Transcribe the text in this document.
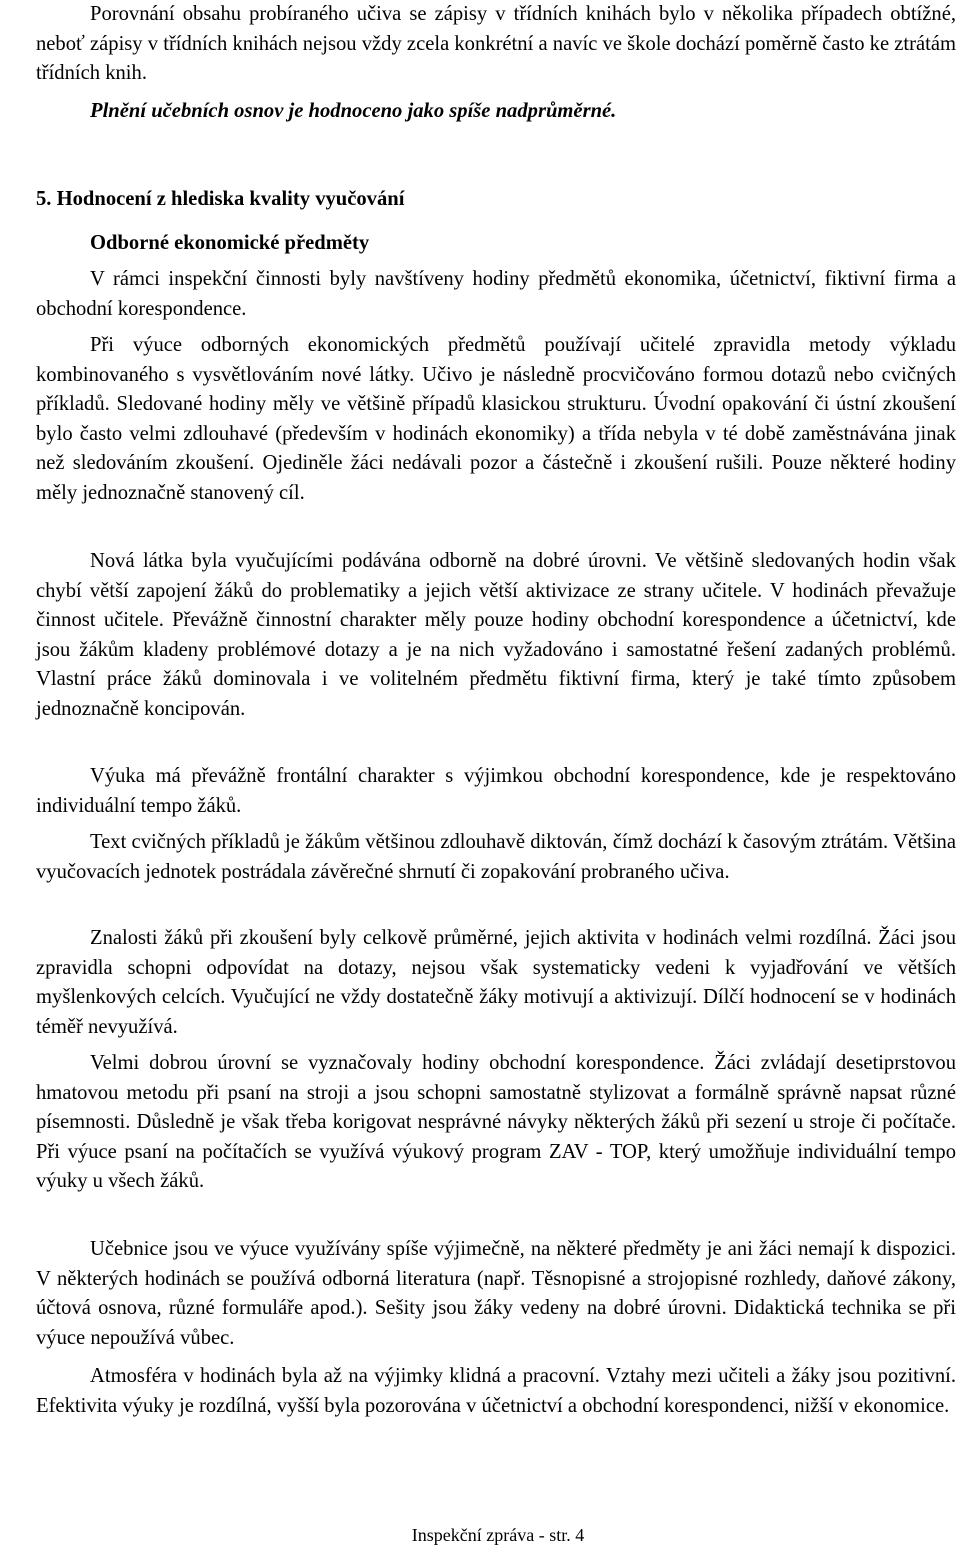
Porovnání obsahu probíraného učiva se zápisy v třídních knihách bylo v několika případech obtížné, neboť zápisy v třídních knihách nejsou vždy zcela konkrétní a navíc ve škole dochází poměrně často ke ztrátám třídních knih.

Plnění učebních osnov je hodnoceno jako spíše nadprůměrné.

5. Hodnocení z hlediska kvality vyučování

Odborné ekonomické předměty

V rámci inspekční činnosti byly navštíveny hodiny předmětů ekonomika, účetnictví, fiktivní firma a obchodní korespondence.

Při výuce odborných ekonomických předmětů používají učitelé zpravidla metody výkladu kombinovaného s vysvětlováním nové látky. Učivo je následně procvičováno formou dotazů nebo cvičných příkladů. Sledované hodiny měly ve většině případů klasickou strukturu. Úvodní opakování či ústní zkoušení bylo často velmi zdlouhavé (především v hodinách ekonomiky) a třída nebyla v té době zaměstnávána jinak než sledováním zkoušení. Ojediněle žáci nedávali pozor a částečně i zkoušení rušili. Pouze některé hodiny měly jednoznačně stanovený cíl.

Nová látka byla vyučujícími podávána odborně na dobré úrovni. Ve většině sledovaných hodin však chybí větší zapojení žáků do problematiky a jejich větší aktivizace ze strany učitele. V hodinách převažuje činnost učitele. Převážně činnostní charakter měly pouze hodiny obchodní korespondence a účetnictví, kde jsou žákům kladeny problémové dotazy a je na nich vyžadováno i samostatné řešení zadaných problémů. Vlastní práce žáků dominovala i ve volitelném předmětu fiktivní firma, který je také tímto způsobem jednoznačně koncipován.

Výuka má převážně frontální charakter s výjimkou obchodní korespondence, kde je respektováno individuální tempo žáků.

Text cvičných příkladů je žákům většinou zdlouhavě diktován, čímž dochází k časovým ztrátám. Většina vyučovacích jednotek postrádala závěrečné shrnutí či zopakování probraného učiva.

Znalosti žáků při zkoušení byly celkově průměrné, jejich aktivita v hodinách velmi rozdílná. Žáci jsou zpravidla schopni odpovídat na dotazy, nejsou však systematicky vedeni k vyjadřování ve větších myšlenkových celcích. Vyučující ne vždy dostatečně žáky motivují a aktivizují. Dílčí hodnocení se v hodinách téměř nevyužívá.

Velmi dobrou úrovní se vyznačovaly hodiny obchodní korespondence. Žáci zvládají desetiprstovou hmatovou metodu při psaní na stroji a jsou schopni samostatně stylizovat a formálně správně napsat různé písemnosti. Důsledně je však třeba korigovat nesprávné návyky některých žáků při sezení u stroje či počítače. Při výuce psaní na počítačích se využívá výukový program ZAV - TOP, který umožňuje individuální tempo výuky u všech žáků.

Učebnice jsou ve výuce využívány spíše výjimečně, na některé předměty je ani žáci nemají k dispozici. V některých hodinách se používá odborná literatura (např. Těsnopisné a strojopisné rozhledy, daňové zákony, účtová osnova, různé formuláře apod.). Sešity jsou žáky vedeny na dobré úrovni. Didaktická technika se při výuce nepoužívá vůbec.

Atmosféra v hodinách byla až na výjimky klidná a pracovní. Vztahy mezi učiteli a žáky jsou pozitivní. Efektivita výuky je rozdílná, vyšší byla pozorována v účetnictví a obchodní korespondenci, nižší v ekonomice.

Inspekční zpráva - str. 4
